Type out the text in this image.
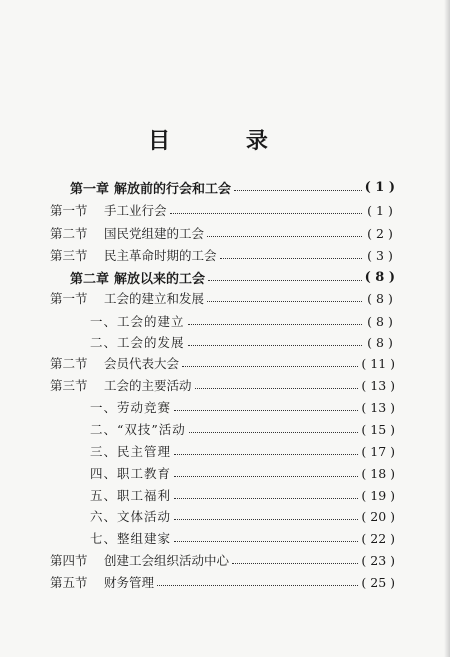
目 录
第一章 解放前的行会和工会	( 1 )
第一节	手工业行会	( 1 )
第二节	国民党组建的工会	( 2 )
第三节	民主革命时期的工会	( 3 )
第二章 解放以来的工会	( 8 )
第一节	工会的建立和发展	( 8 )
一、工会的建立	( 8 )
二、工会的发展	( 8 )
第二节	会员代表大会	( 11 )
第三节	工会的主要活动	( 13 )
一、劳动竞赛	( 13 )
二、“双技”活动	( 15 )
三、民主管理	( 17 )
四、职工教育	( 18 )
五、职工福利	( 19 )
六、文体活动	( 20 )
七、整组建家	( 22 )
第四节	创建工会组织活动中心	( 23 )
第五节	财务管理	( 25 )
